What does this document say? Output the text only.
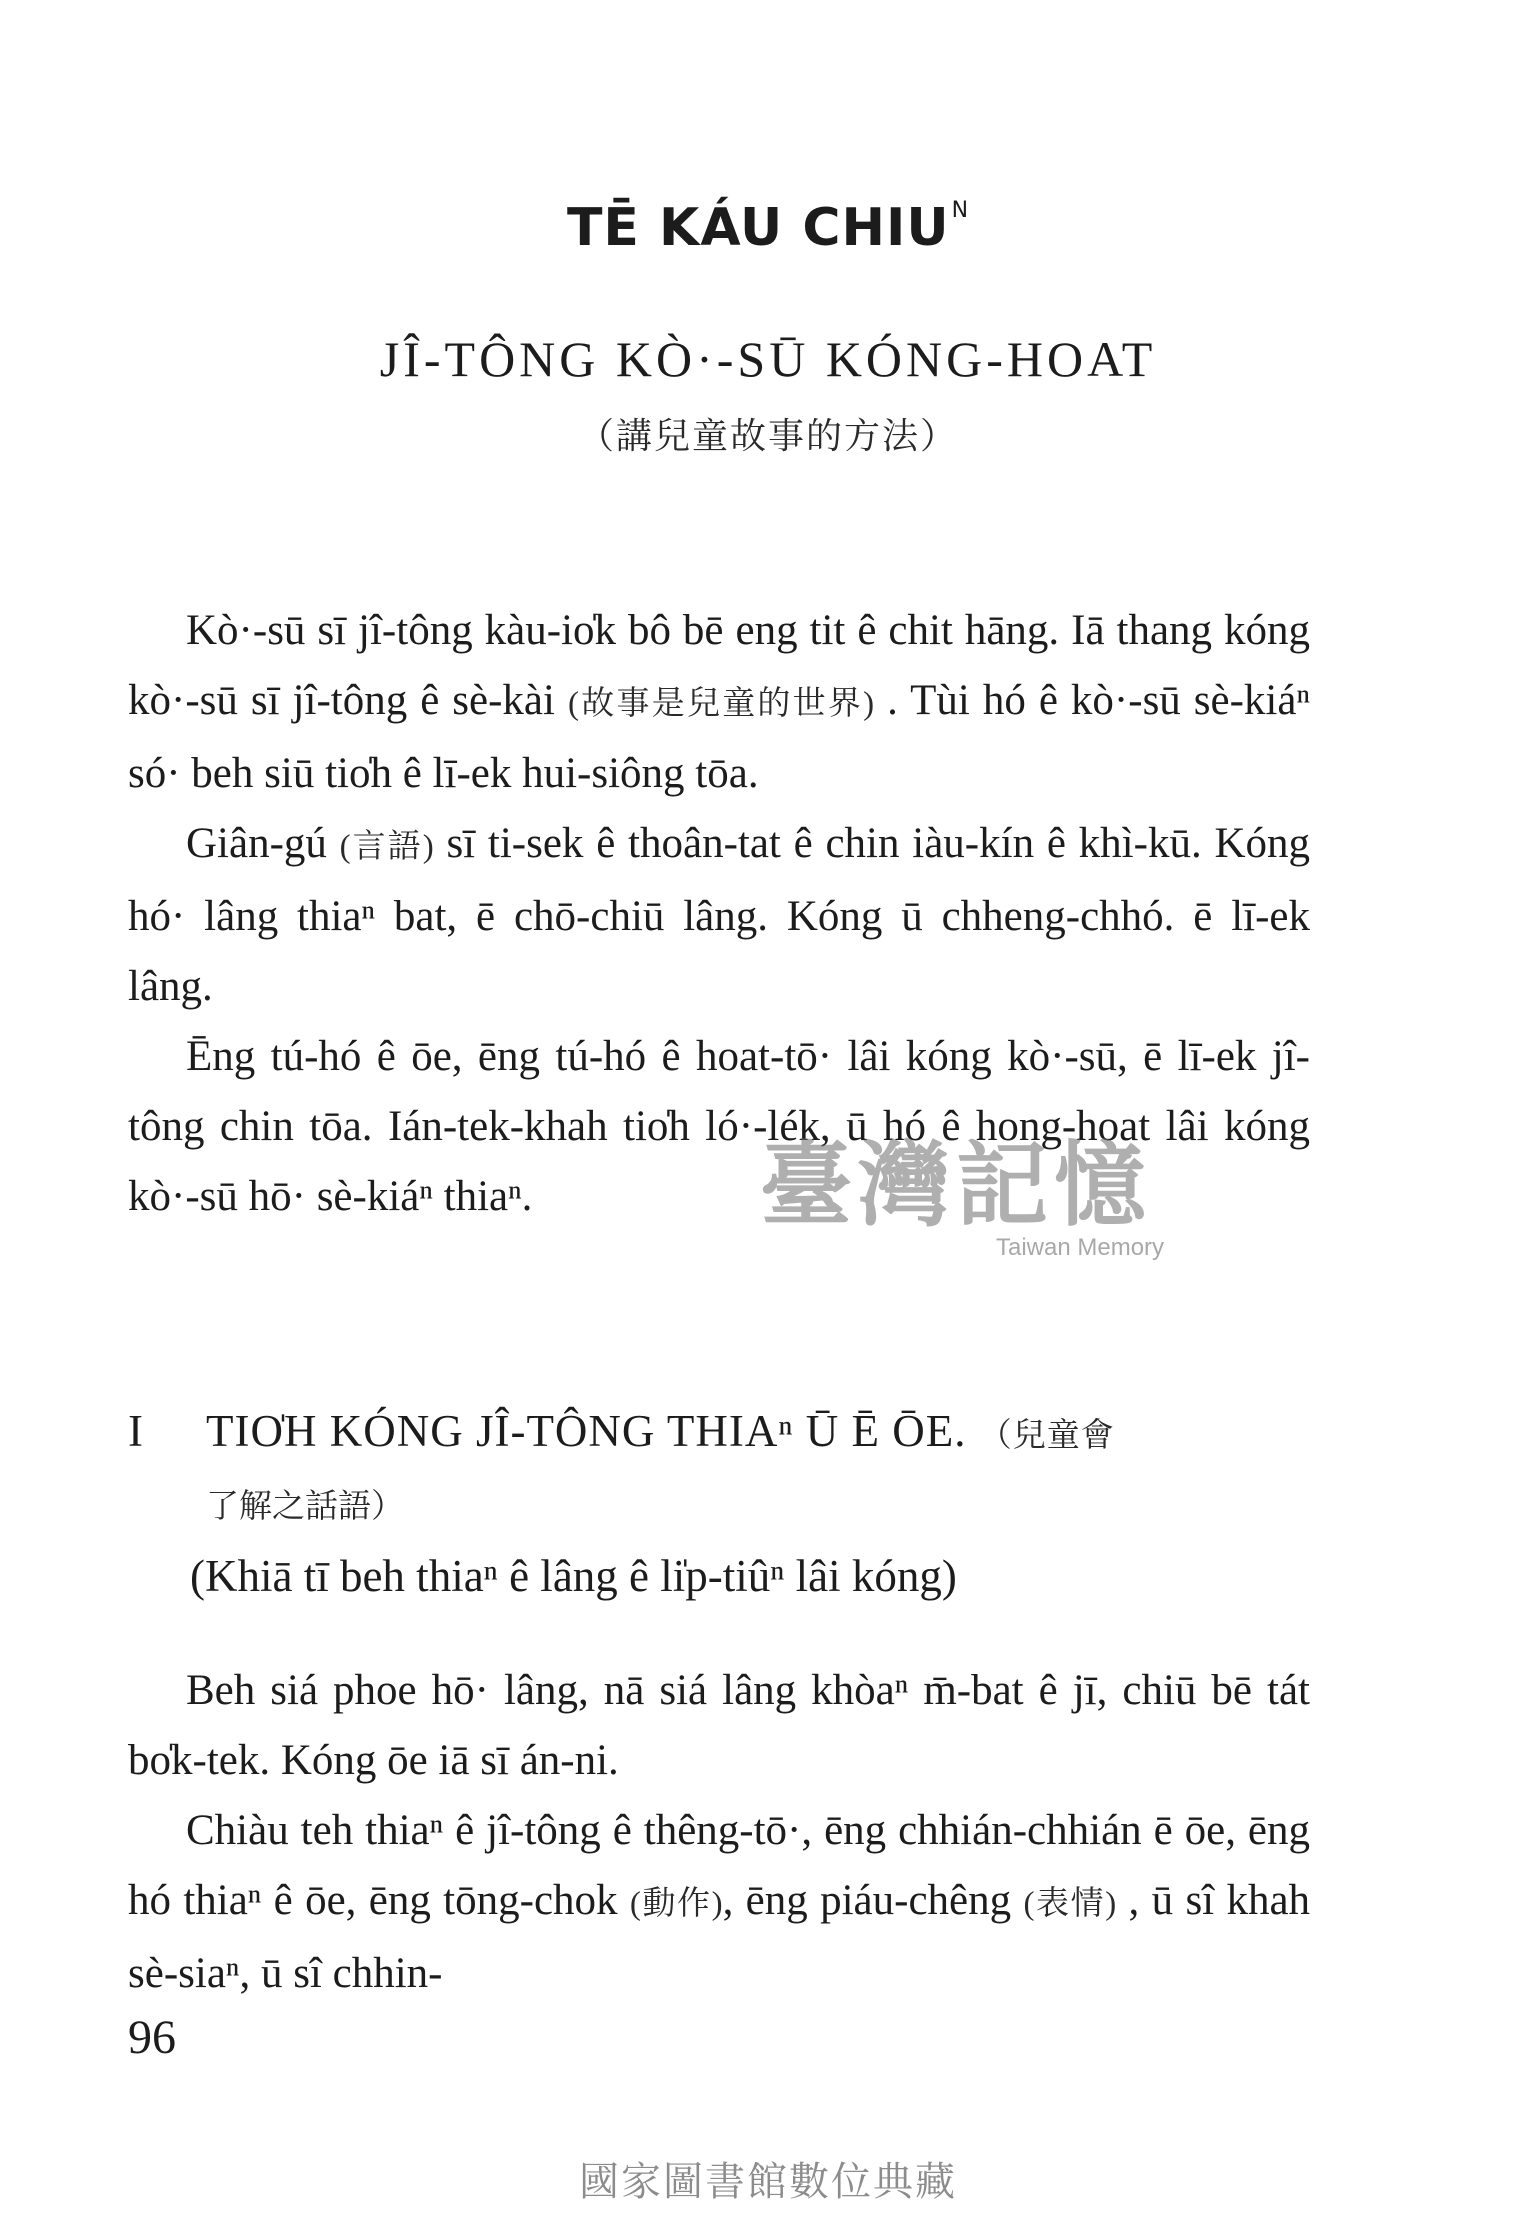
TĒ KÁU $CHIU^N$
JÎ-TÔNG KÒ·-SŪ KÓNG-HOAT
（講兒童故事的方法）

Kò·-sū sī jî-tông kàu-io̍k bô bē eng tit ê chit hāng. Iā thang kóng kò·-sū sī jî-tông ê sè-kài (故事是兒童的世界) . Tùi hó ê kò·-sū sè-kiáⁿ só· beh siū tio̍h ê lī-ek hui-siông tōa.

Giân-gú (言語) sī ti-sek ê thoân-tat ê chin iàu-kín ê khì-kū. Kóng hó· lâng thiaⁿ bat, ē chō-chiū lâng. Kóng ū chheng-chhó. ē lī-ek lâng.

Ēng tú-hó ê ōe, ēng tú-hó ê hoat-tō· lâi kóng kò·-sū, ē lī-ek jî-tông chin tōa. Ián-tek-khah tio̍h ló·-lék, ū hó ê hong-hoat lâi kóng kò·-sū hō· sè-kiáⁿ thiaⁿ.

I TIO̍H KÓNG JÎ-TÔNG THIAⁿ Ū Ē ŌE. （兒童會
了解之話語）
(Khiā tī beh thiaⁿ ê lâng ê li̍p-tiûⁿ lâi kóng)

Beh siá phoe hō· lâng, nā siá lâng khòaⁿ m̄-bat ê jī, chiū bē tát bo̍k-tek. Kóng ōe iā sī án-ni.

Chiàu teh thiaⁿ ê jî-tông ê thêng-tō·, ēng chhián-chhián ē ōe, ēng hó thiaⁿ ê ōe, ēng tōng-chok (動作), ēng piáu-chêng (表情) , ū sî khah sè-siaⁿ, ū sî chhin-

96
臺灣記憶
Taiwan Memory
國家圖書館數位典藏
